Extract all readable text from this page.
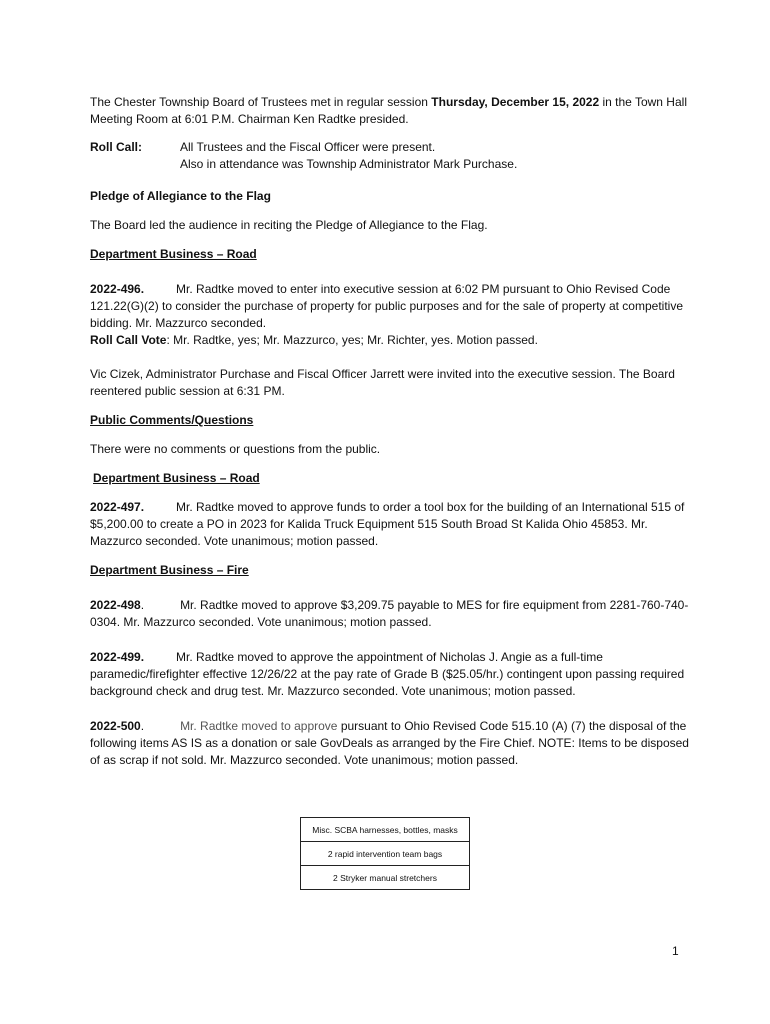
The Chester Township Board of Trustees met in regular session Thursday, December 15, 2022 in the Town Hall Meeting Room at 6:01 P.M. Chairman Ken Radtke presided.

Roll Call:	All Trustees and the Fiscal Officer were present.

Also in attendance was Township Administrator Mark Purchase.

Pledge of Allegiance to the Flag

The Board led the audience in reciting the Pledge of Allegiance to the Flag.

Department Business – Road

2022-496.	Mr. Radtke moved to enter into executive session at 6:02 PM pursuant to Ohio Revised Code 121.22(G)(2) to consider the purchase of property for public purposes and for the sale of property at competitive bidding. Mr. Mazzurco seconded.

Roll Call Vote: Mr. Radtke, yes; Mr. Mazzurco, yes; Mr. Richter, yes. Motion passed.

Vic Cizek, Administrator Purchase and Fiscal Officer Jarrett were invited into the executive session. The Board reentered public session at 6:31 PM.

Public Comments/Questions

There were no comments or questions from the public.

Department Business – Road

2022-497.	Mr. Radtke moved to approve funds to order a tool box for the building of an International 515 of $5,200.00 to create a PO in 2023 for Kalida Truck Equipment 515 South Broad St Kalida Ohio 45853. Mr. Mazzurco seconded. Vote unanimous; motion passed.

Department Business – Fire

2022-498.	Mr. Radtke moved to approve $3,209.75 payable to MES for fire equipment from 2281-760-740-0304. Mr. Mazzurco seconded. Vote unanimous; motion passed.

2022-499.	Mr. Radtke moved to approve the appointment of Nicholas J. Angie as a full-time paramedic/firefighter effective 12/26/22 at the pay rate of Grade B ($25.05/hr.) contingent upon passing required background check and drug test. Mr. Mazzurco seconded. Vote unanimous; motion passed.

2022-500.	Mr. Radtke moved to approve pursuant to Ohio Revised Code 515.10 (A) (7) the disposal of the following items AS IS as a donation or sale GovDeals as arranged by the Fire Chief. NOTE: Items to be disposed of as scrap if not sold. Mr. Mazzurco seconded. Vote unanimous; motion passed.

Misc. SCBA harnesses, bottles, masks
2 rapid intervention team bags
2 Stryker manual stretchers
1
